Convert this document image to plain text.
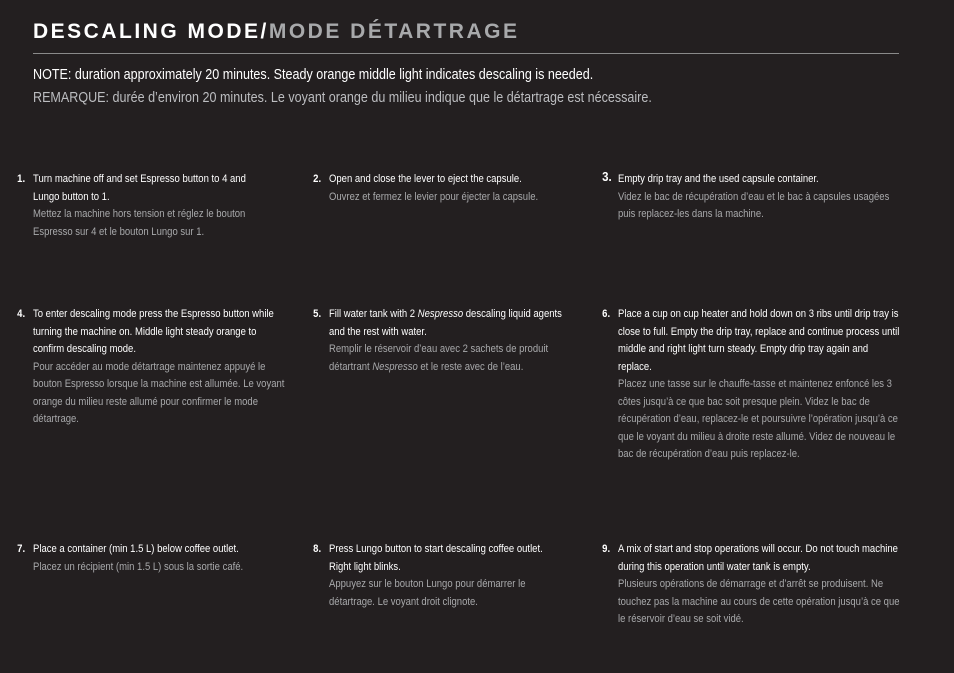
DESCALING MODE/MODE DÉTARTRAGE
NOTE: duration approximately 20 minutes. Steady orange middle light indicates descaling is needed.
REMARQUE: durée d’environ 20 minutes. Le voyant orange du milieu indique que le détartrage est nécessaire.
1. Turn machine off and set Espresso button to 4 and Lungo button to 1.
Mettez la machine hors tension et réglez le bouton Espresso sur 4 et le bouton Lungo sur 1.
2. Open and close the lever to eject the capsule.
Ouvrez et fermez le levier pour éjecter la capsule.
3. Empty drip tray and the used capsule container.
Videz le bac de récupération d’eau et le bac à capsules usagées puis replacez-les dans la machine.
4. To enter descaling mode press the Espresso button while turning the machine on. Middle light steady orange to confirm descaling mode.
Pour accéder au mode détartrage maintenez appuyé le bouton Espresso lorsque la machine est allumée. Le voyant orange du milieu reste allumé pour confirmer le mode détartrage.
5. Fill water tank with 2 Nespresso descaling liquid agents and the rest with water.
Remplir le réservoir d’eau avec 2 sachets de produit détartrant Nespresso et le reste avec de l’eau.
6. Place a cup on cup heater and hold down on 3 ribs until drip tray is close to full. Empty the drip tray, replace and continue process until middle and right light turn steady. Empty drip tray again and replace.
Placez une tasse sur le chauffe-tasse et maintenez enfoncé les 3 côtes jusqu’à ce que bac soit presque plein. Videz le bac de récupération d’eau, replacez-le et poursuivre l’opération jusqu’à ce que le voyant du milieu à droite reste allumé. Videz de nouveau le bac de récupération d’eau puis replacez-le.
7. Place a container (min 1.5 L) below coffee outlet.
Placez un récipient (min 1.5 L) sous la sortie café.
8. Press Lungo button to start descaling coffee outlet. Right light blinks.
Appuyez sur le bouton Lungo pour démarrer le détartrage. Le voyant droit clignote.
9. A mix of start and stop operations will occur. Do not touch machine during this operation until water tank is empty.
Plusieurs opérations de démarrage et d’arrêt se produisent. Ne touchez pas la machine au cours de cette opération jusqu’à ce que le réservoir d’eau se soit vidé.
